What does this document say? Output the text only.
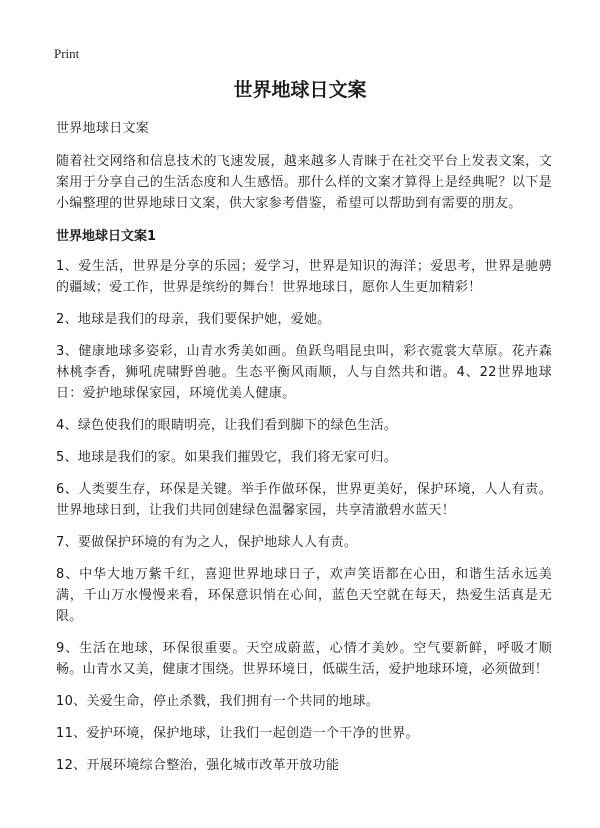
Print
世界地球日文案

世界地球日文案

随着社交网络和信息技术的飞速发展，越来越多人青睐于在社交平台上发表文案，文案用于分享自己的生活态度和人生感悟。那什么样的文案才算得上是经典呢？以下是小编整理的世界地球日文案，供大家参考借鉴，希望可以帮助到有需要的朋友。

世界地球日文案1

1、爱生活，世界是分享的乐园；爱学习，世界是知识的海洋；爱思考，世界是驰骋的疆域；爱工作，世界是缤纷的舞台！世界地球日，愿你人生更加精彩！

2、地球是我们的母亲，我们要保护她，爱她。

3、健康地球多姿彩，山青水秀美如画。鱼跃鸟唱昆虫叫，彩衣霓裳大草原。花卉森林桃李香，狮吼虎啸野兽驰。生态平衡风雨顺，人与自然共和谐。4、22世界地球日：爱护地球保家园，环境优美人健康。

4、绿色使我们的眼睛明亮，让我们看到脚下的绿色生活。

5、地球是我们的家。如果我们摧毁它，我们将无家可归。

6、人类要生存，环保是关键。举手作做环保，世界更美好，保护环境，人人有责。世界地球日到，让我们共同创建绿色温馨家园，共享清澈碧水蓝天！

7、要做保护环境的有为之人，保护地球人人有责。

8、中华大地万紫千红，喜迎世界地球日子，欢声笑语都在心田，和谐生活永远美满，千山万水慢慢来看，环保意识悄在心间，蓝色天空就在每天，热爱生活真是无限。

9、生活在地球，环保很重要。天空成蔚蓝，心情才美妙。空气要新鲜，呼吸才顺畅。山青水又美，健康才围绕。世界环境日，低碳生活，爱护地球环境，必须做到！

10、关爱生命，停止杀戮，我们拥有一个共同的地球。

11、爱护环境，保护地球，让我们一起创造一个干净的世界。

12、开展环境综合整治，强化城市改革开放功能
